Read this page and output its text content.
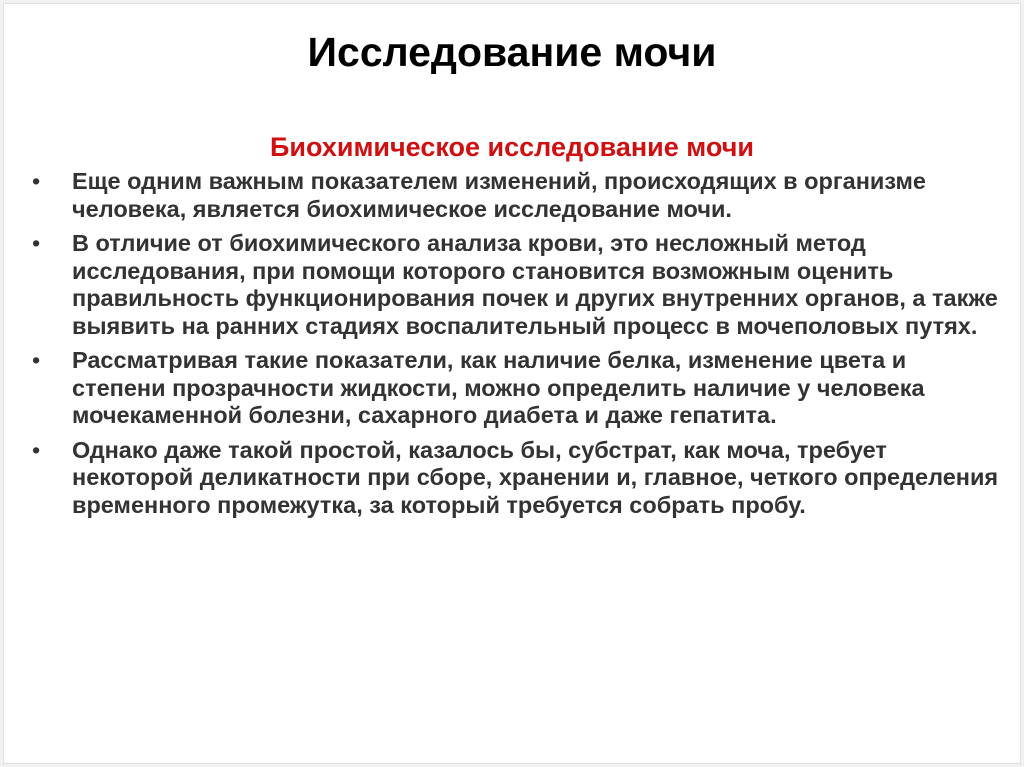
Исследование мочи
Биохимическое исследование мочи
• Еще одним важным показателем изменений, происходящих в организме человека, является биохимическое исследование мочи.
• В отличие от биохимического анализа крови, это несложный метод исследования, при помощи которого становится возможным оценить правильность функционирования почек и других внутренних органов, а также выявить на ранних стадиях воспалительный процесс в мочеполовых путях.
• Рассматривая такие показатели, как наличие белка, изменение цвета и степени прозрачности жидкости, можно определить наличие у человека мочекаменной болезни, сахарного диабета и даже гепатита.
• Однако даже такой простой, казалось бы, субстрат, как моча, требует некоторой деликатности при сборе, хранении и, главное, четкого определения временного промежутка, за который требуется собрать пробу.
